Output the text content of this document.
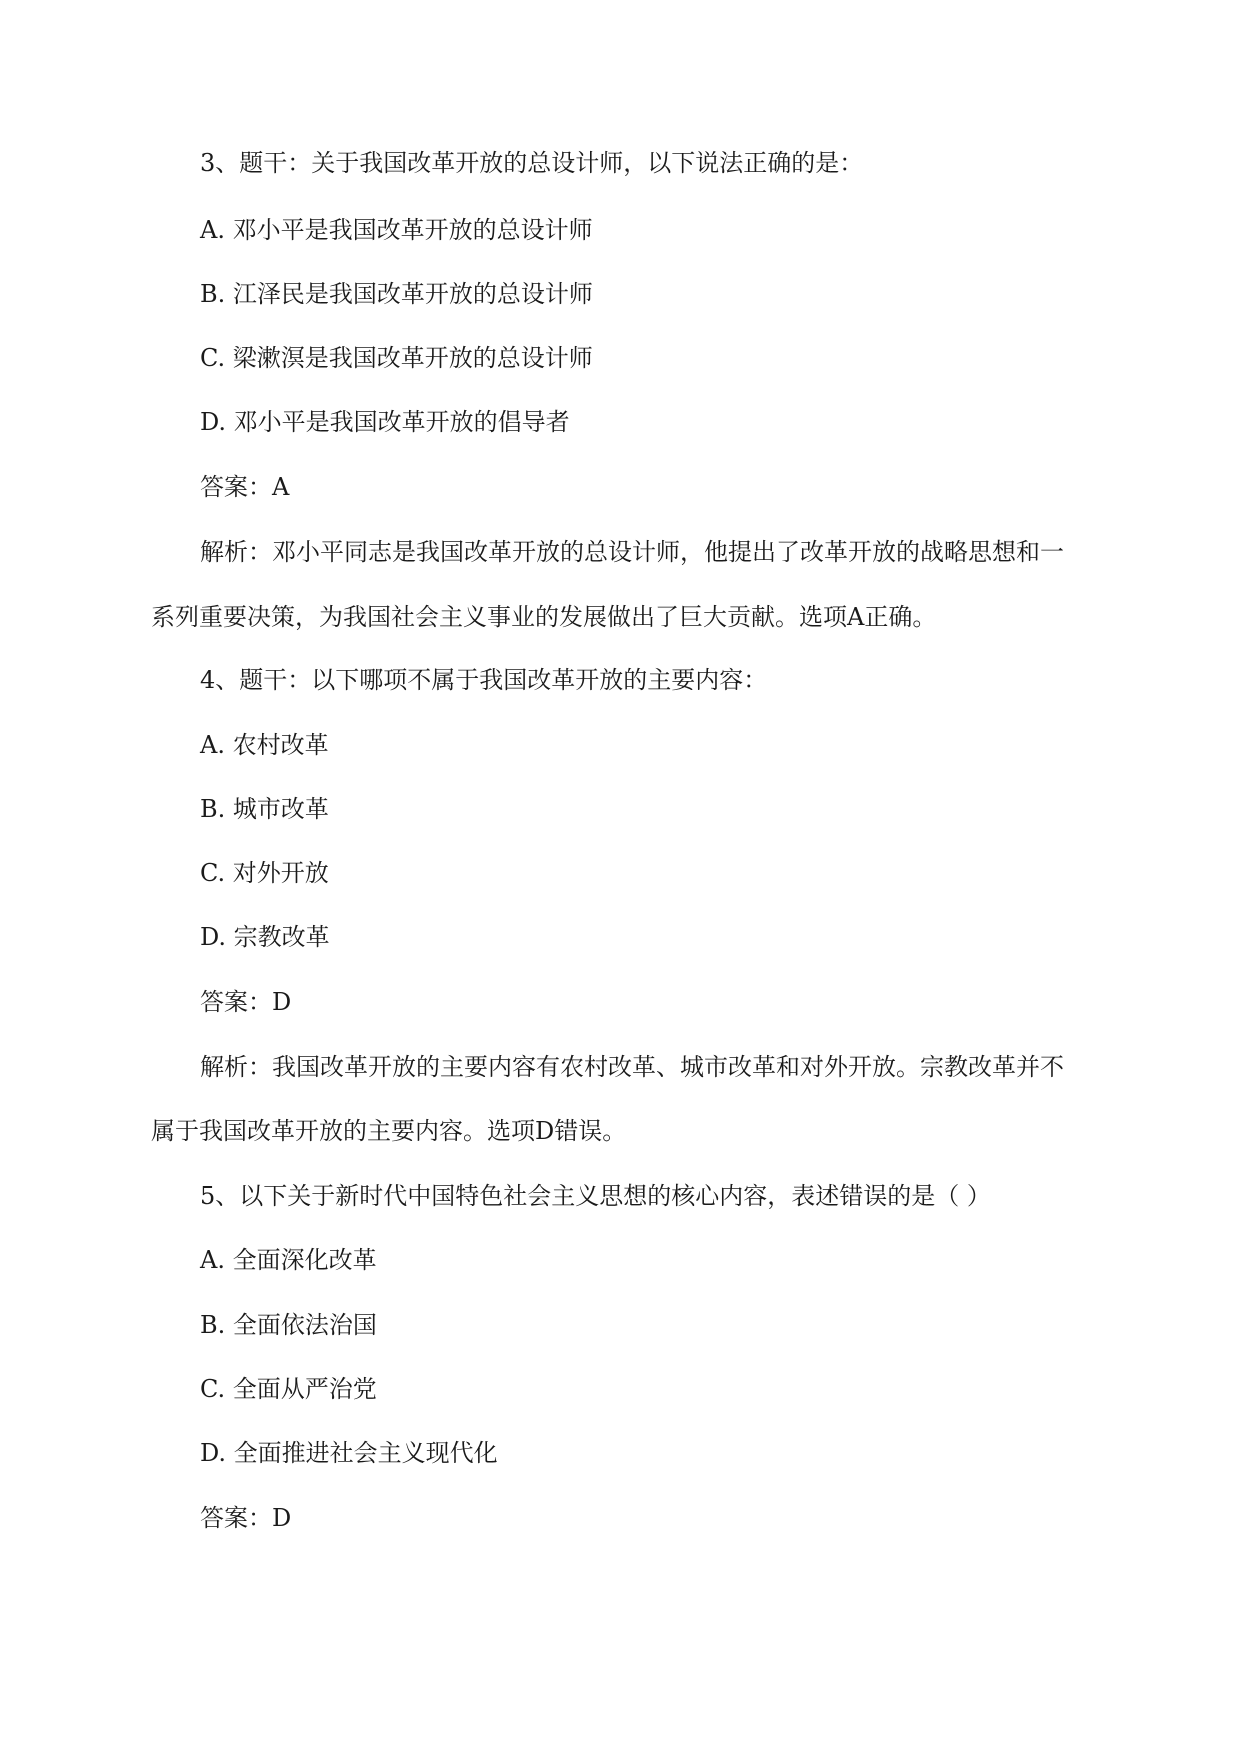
3、题干：关于我国改革开放的总设计师，以下说法正确的是：
A. 邓小平是我国改革开放的总设计师
B. 江泽民是我国改革开放的总设计师
C. 梁漱溟是我国改革开放的总设计师
D. 邓小平是我国改革开放的倡导者
答案：A
解析：邓小平同志是我国改革开放的总设计师，他提出了改革开放的战略思想和一
系列重要决策，为我国社会主义事业的发展做出了巨大贡献。选项A正确。
4、题干：以下哪项不属于我国改革开放的主要内容：
A. 农村改革
B. 城市改革
C. 对外开放
D. 宗教改革
答案：D
解析：我国改革开放的主要内容有农村改革、城市改革和对外开放。宗教改革并不
属于我国改革开放的主要内容。选项D错误。
5、以下关于新时代中国特色社会主义思想的核心内容，表述错误的是（ ）
A. 全面深化改革
B. 全面依法治国
C. 全面从严治党
D. 全面推进社会主义现代化
答案：D
